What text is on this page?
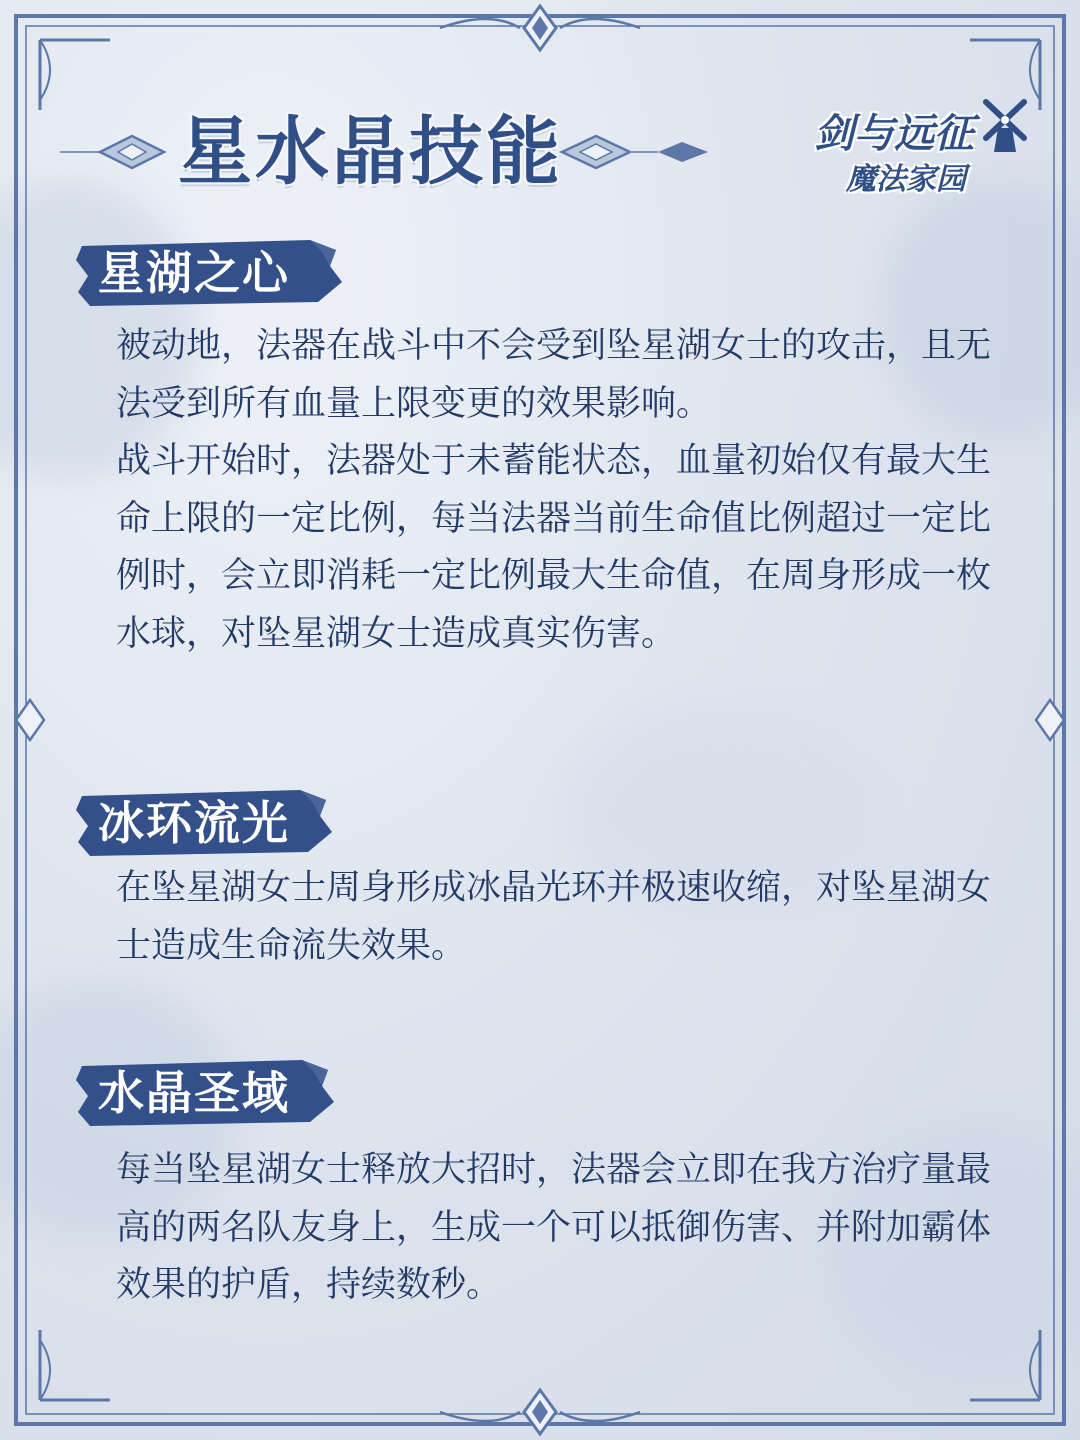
星水晶技能	剑与远征
魔法家园
星湖之心

被动地，法器在战斗中不会受到坠星湖女士的攻击，且无法受到所有血量上限变更的效果影响。

战斗开始时，法器处于未蓄能状态，血量初始仅有最大生命上限的一定比例，每当法器当前生命值比例超过一定比例时，会立即消耗一定比例最大生命值，在周身形成一枚水球，对坠星湖女士造成真实伤害。

冰环流光

在坠星湖女士周身形成冰晶光环并极速收缩，对坠星湖女士造成生命流失效果。

水晶圣域

每当坠星湖女士释放大招时，法器会立即在我方治疗量最高的两名队友身上，生成一个可以抵御伤害、并附加霸体效果的护盾，持续数秒。
